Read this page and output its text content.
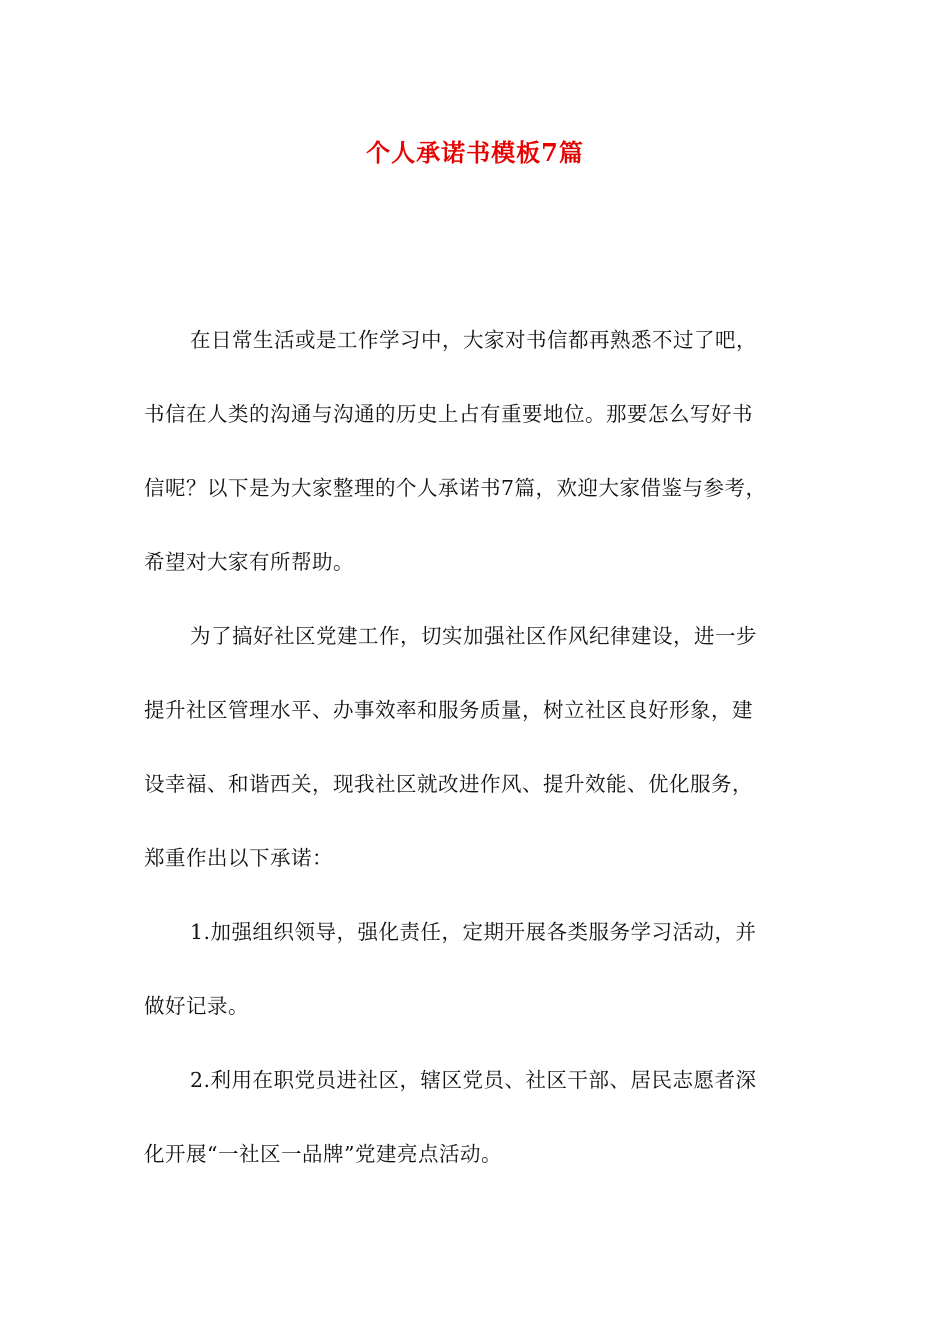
个人承诺书模板7篇
在日常生活或是工作学习中，大家对书信都再熟悉不过了吧，
书信在人类的沟通与沟通的历史上占有重要地位。那要怎么写好书
信呢？以下是为大家整理的个人承诺书7篇，欢迎大家借鉴与参考，
希望对大家有所帮助。
为了搞好社区党建工作，切实加强社区作风纪律建设，进一步
提升社区管理水平、办事效率和服务质量，树立社区良好形象，建
设幸福、和谐西关，现我社区就改进作风、提升效能、优化服务，
郑重作出以下承诺：
1.加强组织领导，强化责任，定期开展各类服务学习活动，并
做好记录。
2.利用在职党员进社区，辖区党员、社区干部、居民志愿者深
化开展“一社区一品牌”党建亮点活动。
